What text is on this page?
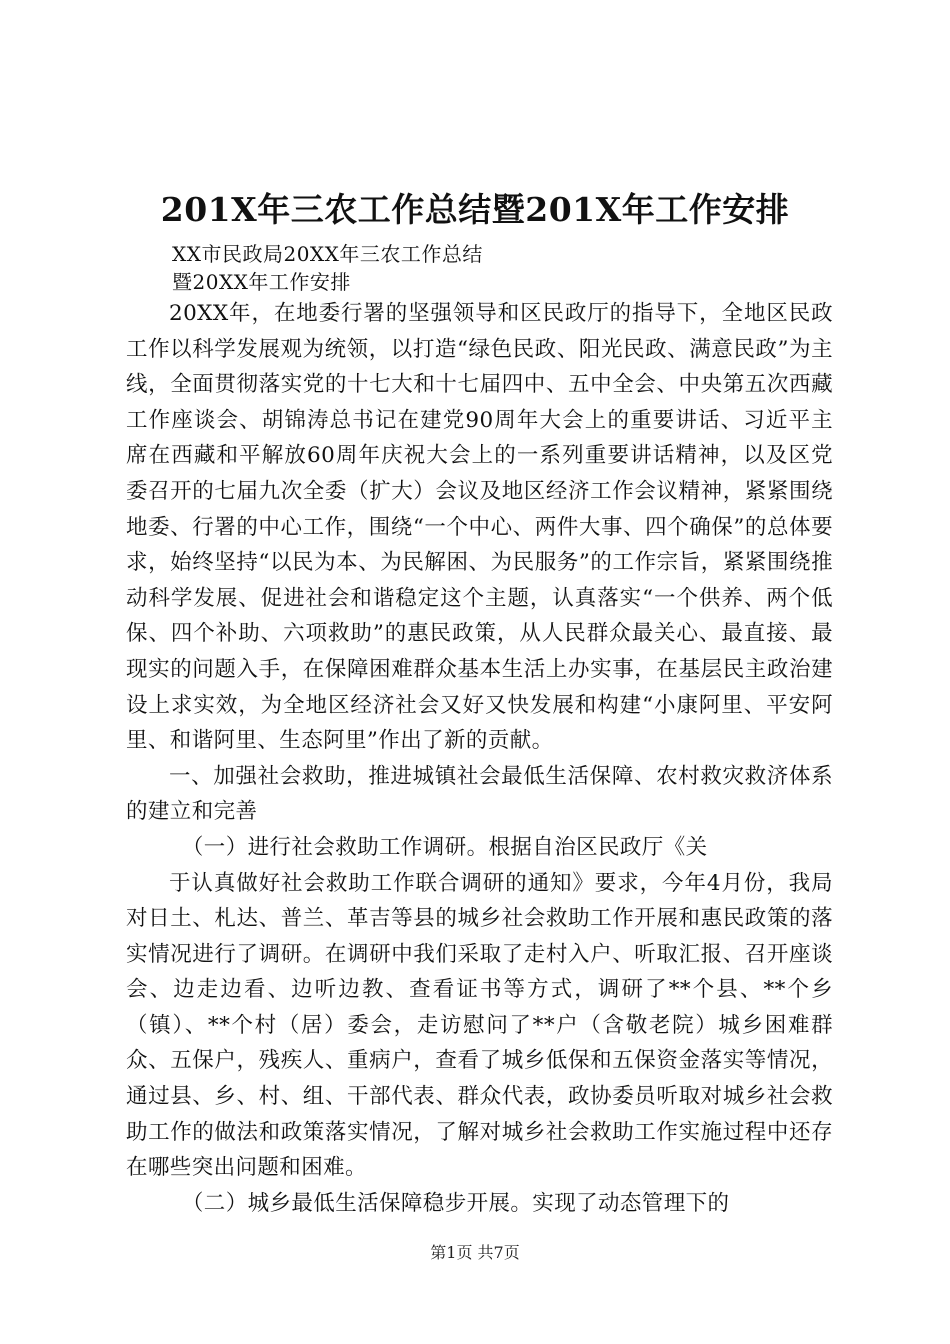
201X年三农工作总结暨201X年工作安排
XX市民政局20XX年三农工作总结
暨20XX年工作安排

20XX年，在地委行署的坚强领导和区民政厅的指导下，全地区民政工作以科学发展观为统领，以打造“绿色民政、阳光民政、满意民政”为主线，全面贯彻落实党的十七大和十七届四中、五中全会、中央第五次西藏工作座谈会、胡锦涛总书记在建党90周年大会上的重要讲话、习近平主席在西藏和平解放60周年庆祝大会上的一系列重要讲话精神，以及区党委召开的七届九次全委（扩大）会议及地区经济工作会议精神，紧紧围绕地委、行署的中心工作，围绕“一个中心、两件大事、四个确保”的总体要求，始终坚持“以民为本、为民解困、为民服务”的工作宗旨，紧紧围绕推动科学发展、促进社会和谐稳定这个主题，认真落实“一个供养、两个低保、四个补助、六项救助”的惠民政策，从人民群众最关心、最直接、最现实的问题入手，在保障困难群众基本生活上办实事，在基层民主政治建设上求实效，为全地区经济社会又好又快发展和构建“小康阿里、平安阿里、和谐阿里、生态阿里”作出了新的贡献。

一、加强社会救助，推进城镇社会最低生活保障、农村救灾救济体系的建立和完善

（一）进行社会救助工作调研。根据自治区民政厅《关

于认真做好社会救助工作联合调研的通知》要求，今年4月份，我局对日土、札达、普兰、革吉等县的城乡社会救助工作开展和惠民政策的落实情况进行了调研。在调研中我们采取了走村入户、听取汇报、召开座谈会、边走边看、边听边教、查看证书等方式，调研了**个县、**个乡（镇）、**个村（居）委会，走访慰问了**户（含敬老院）城乡困难群众、五保户，残疾人、重病户，查看了城乡低保和五保资金落实等情况，通过县、乡、村、组、干部代表、群众代表，政协委员听取对城乡社会救助工作的做法和政策落实情况，了解对城乡社会救助工作实施过程中还存在哪些突出问题和困难。

（二）城乡最低生活保障稳步开展。实现了动态管理下的

第1页 共7页
